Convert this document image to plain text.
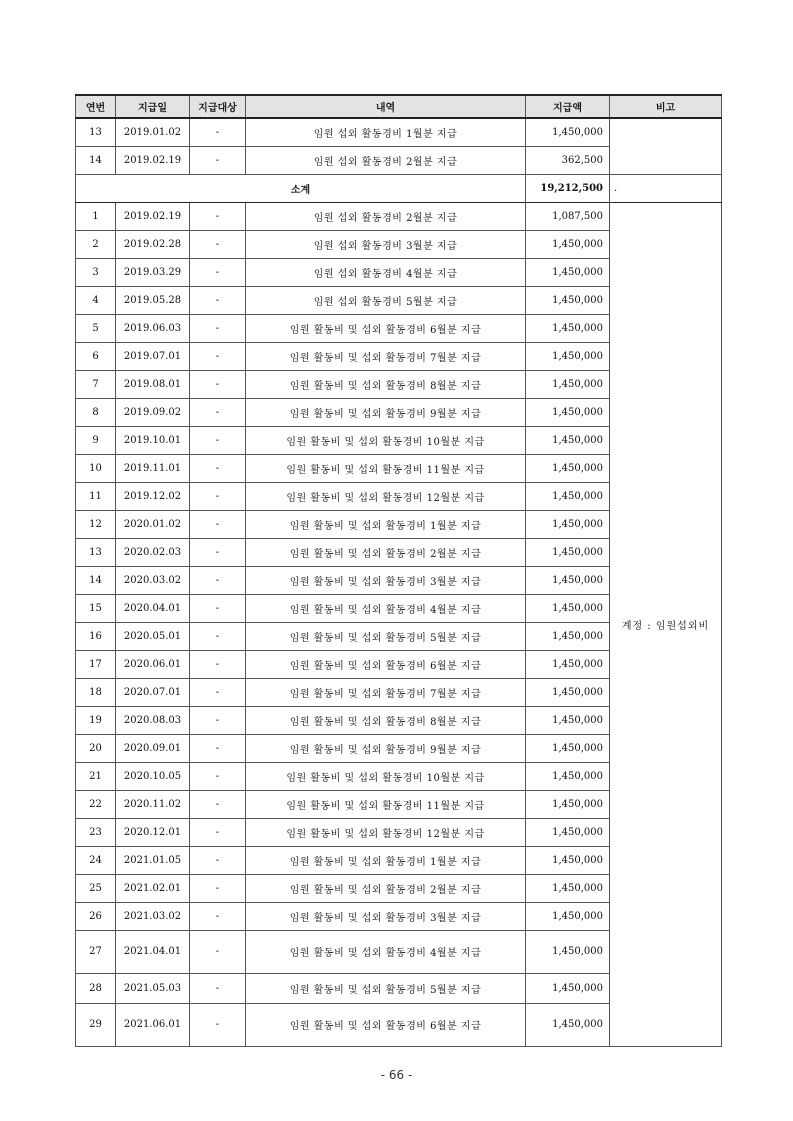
연번	지급일	지급대상	내역	지급액	비고
13	2019.01.02	-	임원 섭외 활동경비 1월분 지급	1,450,000	
14	2019.02.19	-	임원 섭외 활동경비 2월분 지급	362,500	
소계				19,212,500	.
1	2019.02.19	-	임원 섭외 활동경비 2월분 지급	1,087,500	계정 : 임원섭외비
2	2019.02.28	-	임원 섭외 활동경비 3월분 지급	1,450,000	
3	2019.03.29	-	임원 섭외 활동경비 4월분 지급	1,450,000	
4	2019.05.28	-	임원 섭외 활동경비 5월분 지급	1,450,000	
5	2019.06.03	-	임원 활동비 및 섭외 활동경비 6월분 지급	1,450,000	
6	2019.07.01	-	임원 활동비 및 섭외 활동경비 7월분 지급	1,450,000	
7	2019.08.01	-	임원 활동비 및 섭외 활동경비 8월분 지급	1,450,000	
8	2019.09.02	-	임원 활동비 및 섭외 활동경비 9월분 지급	1,450,000	
9	2019.10.01	-	임원 활동비 및 섭외 활동경비 10월분 지급	1,450,000	
10	2019.11.01	-	임원 활동비 및 섭외 활동경비 11월분 지급	1,450,000	
11	2019.12.02	-	임원 활동비 및 섭외 활동경비 12월분 지급	1,450,000	
12	2020.01.02	-	임원 활동비 및 섭외 활동경비 1월분 지급	1,450,000	
13	2020.02.03	-	임원 활동비 및 섭외 활동경비 2월분 지급	1,450,000	
14	2020.03.02	-	임원 활동비 및 섭외 활동경비 3월분 지급	1,450,000	
15	2020.04.01	-	임원 활동비 및 섭외 활동경비 4월분 지급	1,450,000	
16	2020.05.01	-	임원 활동비 및 섭외 활동경비 5월분 지급	1,450,000	
17	2020.06.01	-	임원 활동비 및 섭외 활동경비 6월분 지급	1,450,000	
18	2020.07.01	-	임원 활동비 및 섭외 활동경비 7월분 지급	1,450,000	
19	2020.08.03	-	임원 활동비 및 섭외 활동경비 8월분 지급	1,450,000	
20	2020.09.01	-	임원 활동비 및 섭외 활동경비 9월분 지급	1,450,000	
21	2020.10.05	-	임원 활동비 및 섭외 활동경비 10월분 지급	1,450,000	
22	2020.11.02	-	임원 활동비 및 섭외 활동경비 11월분 지급	1,450,000	
23	2020.12.01	-	임원 활동비 및 섭외 활동경비 12월분 지급	1,450,000	
24	2021.01.05	-	임원 활동비 및 섭외 활동경비 1월분 지급	1,450,000	
25	2021.02.01	-	임원 활동비 및 섭외 활동경비 2월분 지급	1,450,000	
26	2021.03.02	-	임원 활동비 및 섭외 활동경비 3월분 지급	1,450,000	
27	2021.04.01	-	임원 활동비 및 섭외 활동경비 4월분 지급	1,450,000	
28	2021.05.03	-	임원 활동비 및 섭외 활동경비 5월분 지급	1,450,000	
29	2021.06.01	-	임원 활동비 및 섭외 활동경비 6월분 지급	1,450,000	
- 66 -
